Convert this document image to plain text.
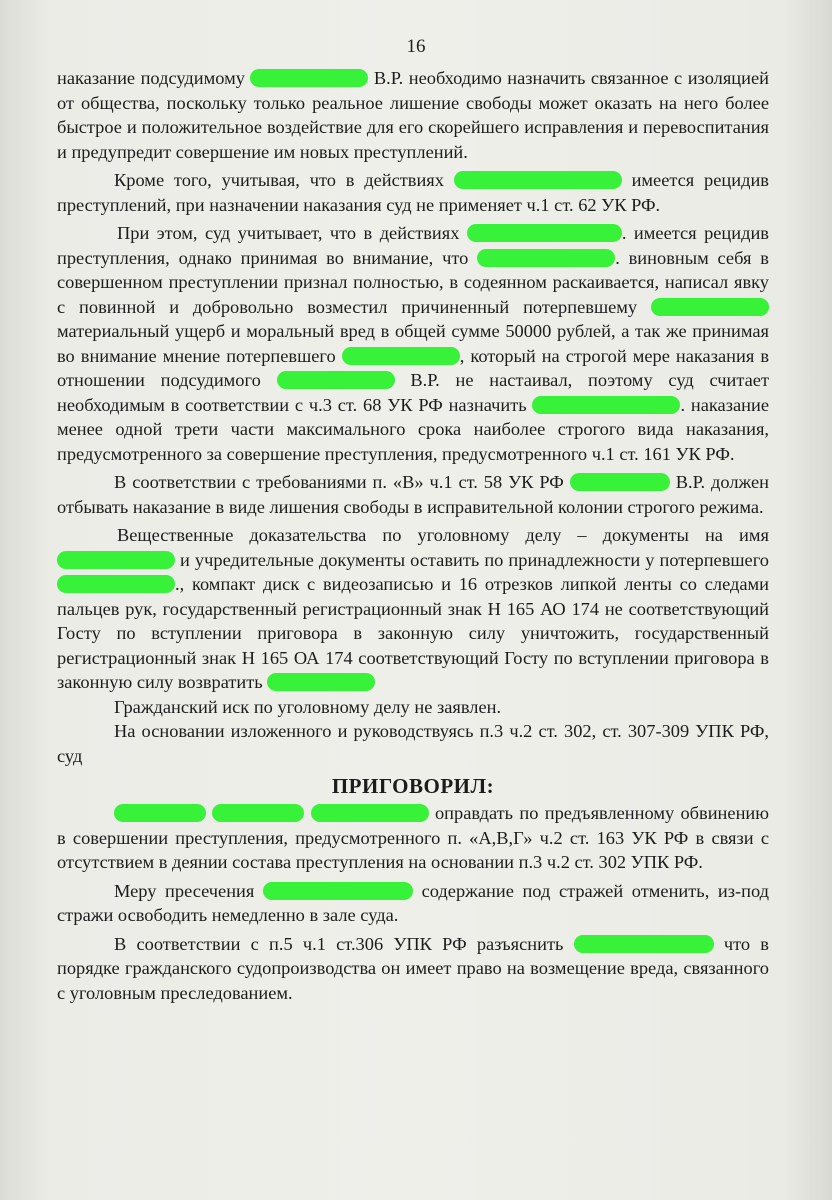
16

наказание подсудимому	В.Р. необходимо назначить связанное с изоляцией от общества, поскольку только реальное лишение свободы может оказать на него более быстрое и положительное воздействие для его скорейшего исправления и перевоспитания и предупредит совершение им новых преступлений.

Кроме того, учитывая, что в действиях	имеется рецидив преступлений, при назначении наказания суд не применяет ч.1 ст. 62 УК РФ.

При этом, суд учитывает, что в действиях	. имеется рецидив преступления, однако принимая во внимание, что	. виновным себя в совершенном преступлении признал полностью, в содеянном раскаивается, написал явку с повинной и добровольно возместил причиненный потерпевшему  материальный ущерб и моральный вред в общей сумме 50000 рублей, а так же принимая во внимание мнение потерпевшего	, который на строгой мере наказания в отношении подсудимого	В.Р. не настаивал, поэтому суд считает необходимым в соответствии с ч.3 ст. 68 УК РФ назначить	. наказание менее одной трети части максимального срока наиболее строгого вида наказания, предусмотренного за совершение преступления, предусмотренного ч.1 ст. 161 УК РФ.

В соответствии с требованиями п. «В» ч.1 ст. 58 УК РФ	В.Р. должен отбывать наказание в виде лишения свободы в исправительной колонии строгого режима.

Вещественные доказательства по уголовному делу – документы на имя  и учредительные документы оставить по принадлежности у потерпевшего ., компакт диск с видеозаписью и 16 отрезков липкой ленты со следами пальцев рук, государственный регистрационный знак Н 165 АО 174 не соответствующий Госту по вступлении приговора в законную силу уничтожить, государственный регистрационный знак Н 165 ОА 174 соответствующий Госту по вступлении приговора в законную силу возвратить

Гражданский иск по уголовному делу не заявлен.

На основании изложенного и руководствуясь п.3 ч.2 ст. 302, ст. 307-309 УПК РФ, суд

ПРИГОВОРИЛ:

оправдать по предъявленному обвинению в совершении преступления, предусмотренного п. «А,В,Г» ч.2 ст. 163 УК РФ в связи с отсутствием в деянии состава преступления на основании п.3 ч.2 ст. 302 УПК РФ.

Меру пресечения	содержание под стражей отменить, из-под стражи освободить немедленно в зале суда.

В соответствии с п.5 ч.1 ст.306 УПК РФ разъяснить	что в порядке гражданского судопроизводства он имеет право на возмещение вреда, связанного с уголовным преследованием.
